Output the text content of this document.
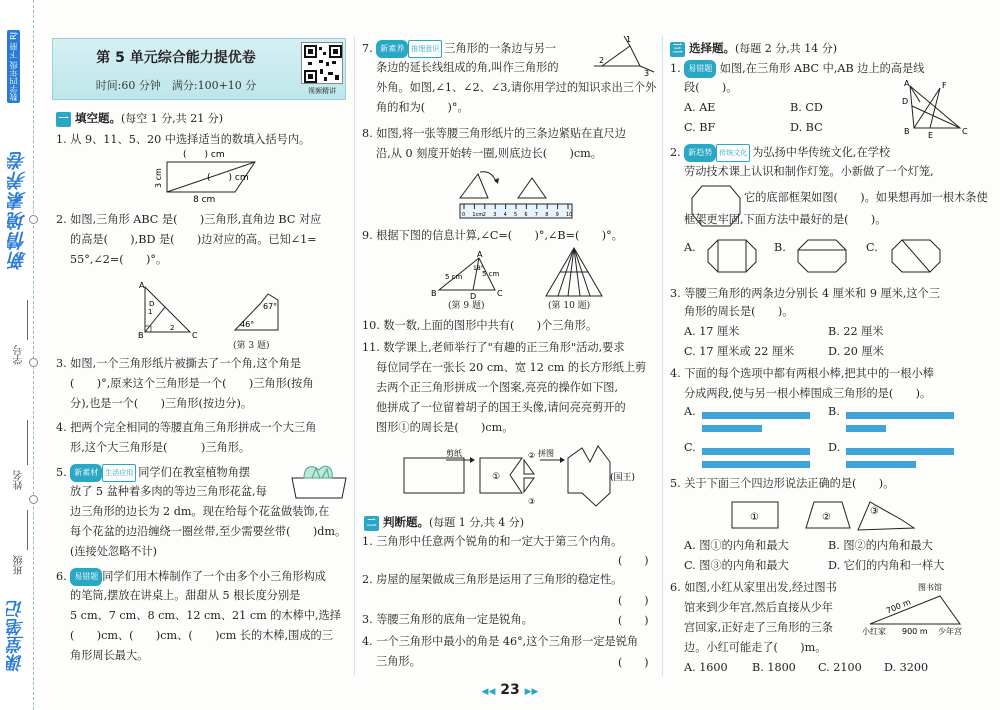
数学四年级 下册 RJ
新情境素养卷
学号
姓名
班级
课堂笔记
第 5 单元综合能力提优卷
时间:60 分钟　满分:100+10 分	视频精讲
一 填空题。(每空 1 分,共 21 分)
1. 从 9、11、5、20 中选择适当的数填入括号内。
(　　) cm
(　　) cm
3 cm
8 cm
2. 如图,三角形 ABC 是(　　)三角形,直角边 BC 对应
的高是(　　),BD 是(　　)边对应的高。已知∠1=
55°,∠2=(　　)°。
A
D
B	C
1
2
67°
46°
(第 3 题)
3. 如图,一个三角形纸片被撕去了一个角,这个角是
(　　)°,原来这个三角形是一个(　　)三角形(按角
分),也是一个(　　)三角形(按边分)。
4. 把两个完全相同的等腰直角三角形拼成一个大三角
形,这个大三角形是(　　　)三角形。
5. 新素材 生活应用 同学们在教室植物角摆
放了 5 盆种着多肉的等边三角形花盆,每
边三角形的边长为 2 dm。现在给每个花盆做装饰,在
每个花盆的边沿缠绕一圈丝带,至少需要丝带(　　)dm。
(连接处忽略不计)
6. 易错题 同学们用木棒制作了一个由多个小三角形构成
的笔筒,摆放在讲桌上。甜甜从 5 根长度分别是
5 cm、7 cm、8 cm、12 cm、21 cm 的木棒中,选择
(　　)cm、(　　)cm、(　　)cm 长的木棒,围成的三
角形周长最大。
7. 新素养 推理意识 三角形的一条边与另一
1
2
3
条边的延长线组成的角,叫作三角形的
外角。如图,∠1、∠2、∠3,请你用学过的知识求出三个外
角的和为(　　)°。
8. 如图,将一张等腰三角形纸片的三条边紧贴在直尺边
沿,从 0 刻度开始转一圈,则底边长(　　)cm。
0 1cm 2 3 4 5 6 7 8 9 10
9. 根据下图的信息计算,∠C=(　　)°,∠B=(　　)°。
A
B	C
D
5 cm	5 cm
18°
(第 9 题)	(第 10 题)
10. 数一数,上面的图形中共有(　　)个三角形。
11. 数学课上,老师举行了"有趣的正三角形"活动,要求
每位同学在一张长 20 cm、宽 12 cm 的长方形纸上剪
去两个正三角形拼成一个图案,亮亮的操作如下图,
他拼成了一位留着胡子的国王头像,请问亮亮剪开的
图形①的周长是(　　)cm。
剪纸
①
②
③
拼图
(国王)
二 判断题。(每题 1 分,共 4 分)
1. 三角形中任意两个锐角的和一定大于第三个内角。
(　　)
2. 房屋的屋架做成三角形是运用了三角形的稳定性。
(　　)
3. 等腰三角形的底角一定是锐角。	(　　)
4. 一个三角形中最小的角是 46°,这个三角形一定是锐角
三角形。	(　　)
三 选择题。(每题 2 分,共 14 分)
1. 易错题 如图,在三角形 ABC 中,AB 边上的高是线
段(　　)。
A. AE	B. CD
C. BF	D. BC
A
D
F
B E	C
2. 新趋势 传统文化 为弘扬中华传统文化,在学校
劳动技术课上认识和制作灯笼。小新做了一个灯笼,
它的底部框架如图(　　)。如果想再加一根木条使
框架更牢固,下面方法中最好的是(　　)。
A.	B.	C.
3. 等腰三角形的两条边分别长 4 厘米和 9 厘米,这个三
角形的周长是(　　)。
A. 17 厘米	B. 22 厘米
C. 17 厘米或 22 厘米	D. 20 厘米
4. 下面的每个选项中都有两根小棒,把其中的一根小棒
分成两段,使与另一根小棒围成三角形的是(　　)。
A.	B.
C.	D.
5. 关于下面三个四边形说法正确的是(　　)。
①	②
③
A. 图①的内角和最大	B. 图②的内角和最大
C. 图③的内角和最大	D. 它们的内角和一样大
6. 如图,小红从家里出发,经过图书
馆来到少年宫,然后直接从少年
宫回家,正好走了三角形的三条
边。小红可能走了(　　)m。
图书馆
小红家	少年宫
700 m
900 m
A. 1600 B. 1800 C. 2100 D. 3200
◀◀ 23 ▶▶
